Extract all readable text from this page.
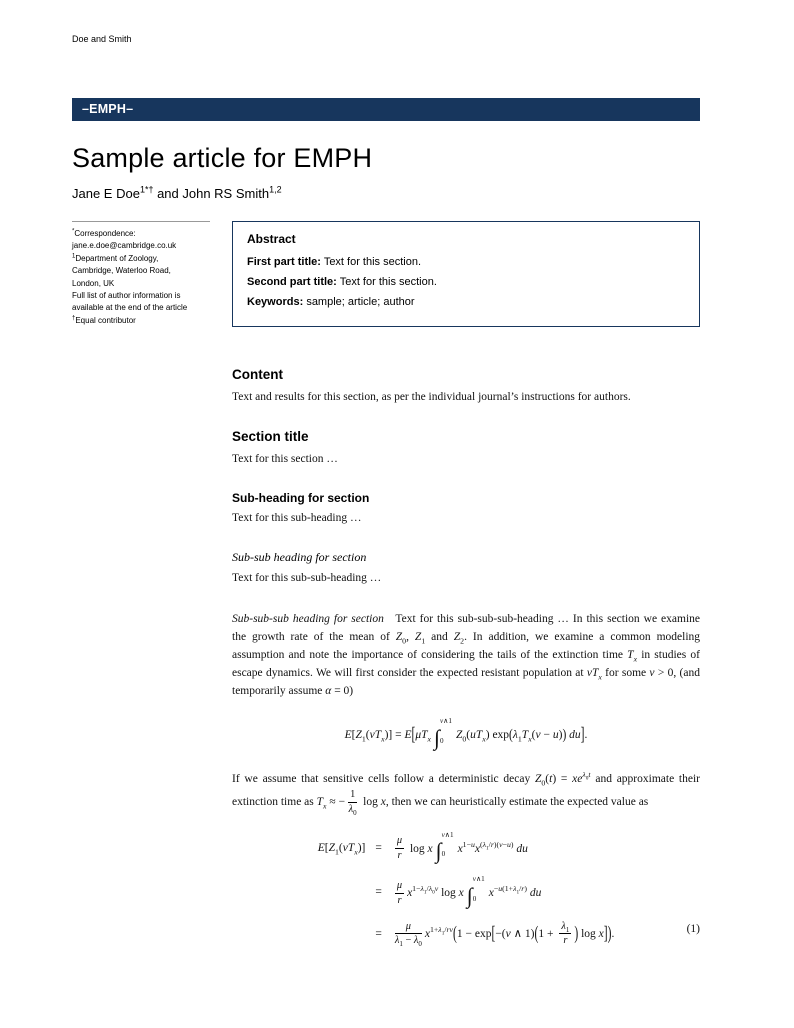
Doe and Smith
–EMPH–
Sample article for EMPH
Jane E Doe$^{1*\dagger}$ and John RS Smith$^{1,2}$
*Correspondence:
jane.e.doe@cambridge.co.uk
$^1$Department of Zoology,
Cambridge, Waterloo Road,
London, UK
Full list of author information is
available at the end of the article
†Equal contributor
Abstract

First part title: Text for this section.

Second part title: Text for this section.

Keywords: sample; article; author

Content

Text and results for this section, as per the individual journal’s instructions for authors.

Section title

Text for this section …

Sub-heading for section

Text for this sub-heading …

Sub-sub heading for section

Text for this sub-sub-heading …

Sub-sub-sub heading for section Text for this sub-sub-sub-heading … In this section we examine the growth rate of the mean of $Z_0$, $Z_1$ and $Z_2$. In addition, we examine a common modeling assumption and note the importance of considering the tails of the extinction time $T_x$ in studies of escape dynamics. We will first consider the expected resistant population at $vT_x$ for some v > 0, (and temporarily assume α = 0)

$E[Z_1(vT_x)] = E[\mu T_x$ ∫
v∧1
0	$Z_0(uT_x) \exp(\lambda_1T_x(v - u))$ du].

If we assume that sensitive cells follow a deterministic decay $Z_0(t) = xe^{\lambda_0t}$ and approximate their extinction time as $T_x$ ≈ − $\frac{1}{\lambda_0}$ log x, then we can heuristically estimate the expected value as

$E[Z_1(vT_x)]$ =	$\frac{\mu}{r}$ log x ∫
v∧1
0	$x^{1-u}x^{(\lambda_1/r)(v-u)}$ du
=	$\frac{\mu}{r} x^{1-\lambda_1/\lambda_0v}$ log x ∫
v∧1
0	$x^{-u(1+\lambda_1/r)}$ du
=	$\frac{\mu}{\lambda_1 - \lambda_0} x^{1+\lambda_1/rv}(1 - \exp[-(v$ ∧ $1)(1 + \frac{\lambda_1}{r}$ ) log x]).	(1)
